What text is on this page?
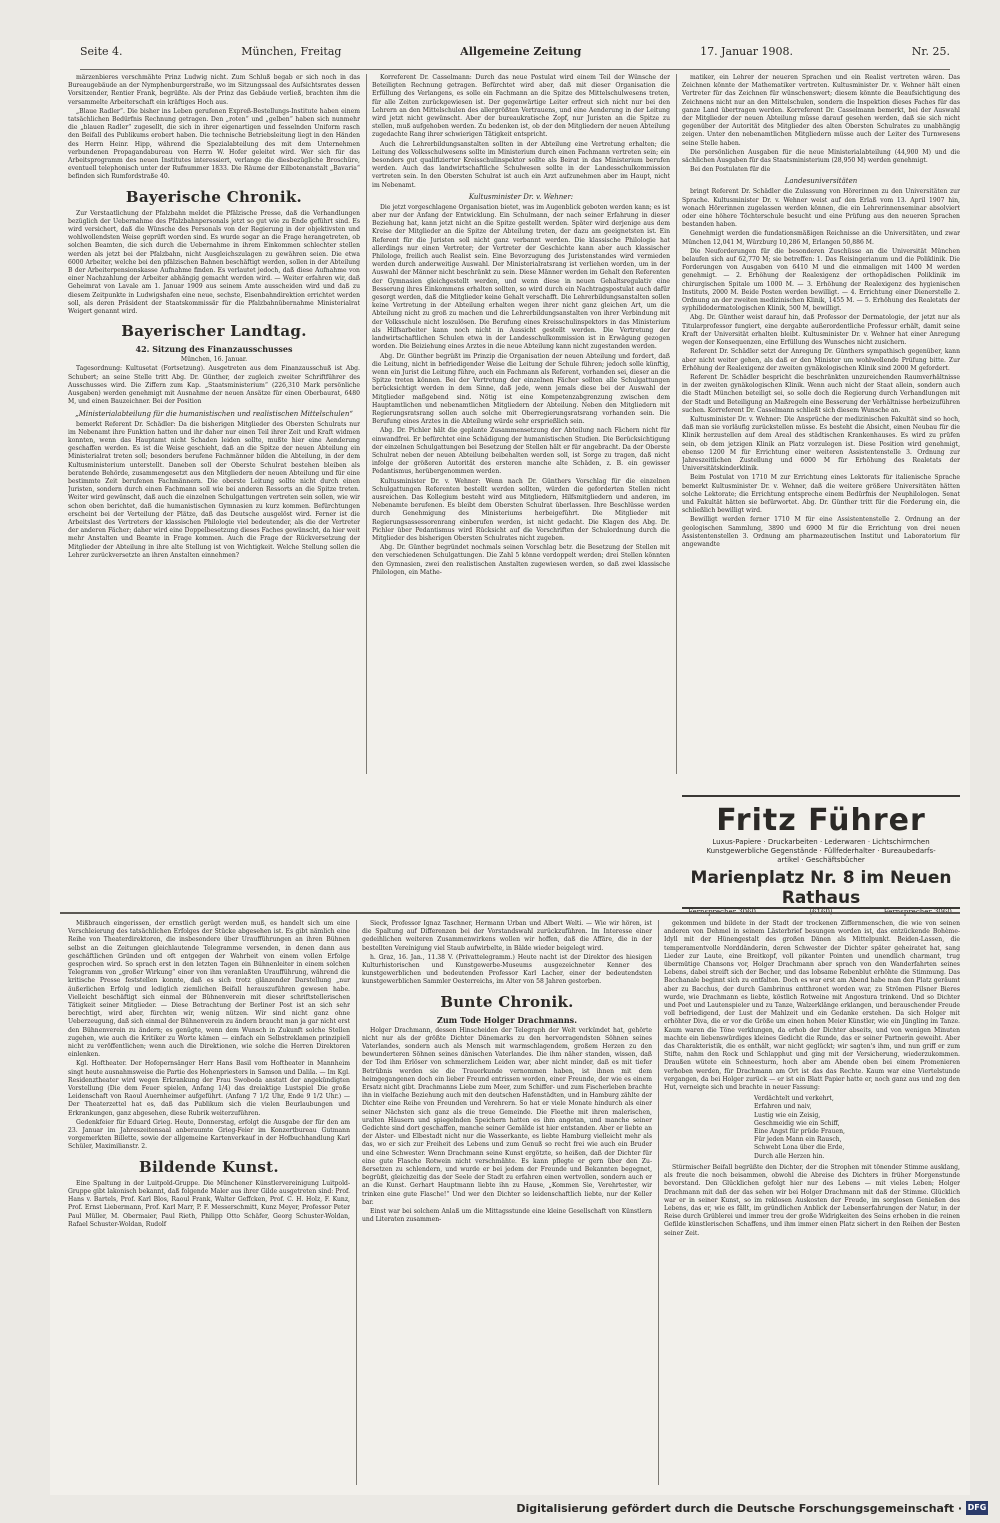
Seite 4.	München, Freitag	Allgemeine Zeitung	17. Januar 1908.	Nr. 25.

märzenbieres verschmähte Prinz Ludwig nicht. Zum Schluß begab er sich noch in das Bureaugebäude an der Nymphenburgerstraße, wo im Sitzungssaal des Aufsichtsrates dessen Vorsitzender, Rentier Frank, begrüßte. Als der Prinz das Gebäude verließ, brachten ihm die versammelte Arbeiterschaft ein kräftiges Hoch aus.

„Blaue Radler“. Die bisher ins Leben gerufenen Expreß-Bestellungs-Institute haben einem tatsächlichen Bedürfnis Rechnung getragen. Den „roten“ und „gelben“ haben sich nunmehr die „blauen Radler“ zugesellt, die sich in ihrer eigenartigen und fesselnden Uniform rasch den Beifall des Publikums erobert haben. Die technische Betriebsleitung liegt in den Händen des Herrn Heinr. Hipp, während die Spezialabteilung des mit dem Unternehmen verbundenen Propagandabureau von Herrn W. Hofer geleitet wird. Wer sich für das Arbeitsprogramm des neuen Institutes interessiert, verlange die diesbezügliche Broschüre, eventuell telephonisch unter der Rufnummer 1833. Die Räume der Eilbotenanstalt „Bavaria“ befinden sich Rumfordstraße 40.

Bayerische Chronik.

Zur Verstaatlichung der Pfalzbahn meldet die Pfälzische Presse, daß die Verhandlungen bezüglich der Uebernahme des Pfalzbahnpersonals jetzt so gut wie zu Ende geführt sind. Es wird versichert, daß die Wünsche des Personals von der Regierung in der objektivsten und wohlwollendsten Weise geprüft worden sind. Es wurde sogar an die Frage herangetreten, ob solchen Beamten, die sich durch die Uebernahme in ihrem Einkommen schlechter stellen werden als jetzt bei der Pfalzbahn, nicht Ausgleichszulagen zu gewähren seien. Die etwa 6000 Arbeiter, welche bei den pfälzischen Bahnen beschäftigt werden, sollen in der Abteilung B der Arbeiterpensionskasse Aufnahme finden. Es verlautet jedoch, daß diese Aufnahme von einer Nachzahlung der Arbeiter abhängig gemacht werden wird. — Weiter erfahren wir, daß Geheimrat von Lavale am 1. Januar 1909 aus seinem Amte ausscheiden wird und daß zu diesem Zeitpunkte in Ludwigshafen eine neue, sechste, Eisenbahndirektion errichtet werden soll, als deren Präsident der Staatskommissär für die Pfalzbahnübernahme Ministerialrat Weigert genannt wird.

Bayerischer Landtag.
42. Sitzung des Finanzausschusses

München, 16. Januar.

Tagesordnung: Kultusetat (Fortsetzung). Ausgetreten aus dem Finanzausschuß ist Abg. Schubert; an seine Stelle tritt Abg. Dr. Günther, der zugleich zweiter Schriftführer des Ausschusses wird. Die Ziffern zum Kap. „Staatsministerium“ (226,310 Mark persönliche Ausgaben) werden genehmigt mit Ausnahme der neuen Ansätze für einen Oberbaurat, 6480 M, und einen Bauzeichner. Bei der Position

„Ministerialabteilung für die humanistischen und realistischen Mittelschulen“

bemerkt Referent Dr. Schädler: Da die bisherigen Mitglieder des Obersten Schulrats nur im Nebenamt ihre Funktion hatten und ihr daher nur einen Teil ihrer Zeit und Kraft widmen konnten, wenn das Hauptamt nicht Schaden leiden sollte, mußte hier eine Aenderung geschaffen werden. Es ist die Weise geschieht, daß an die Spitze der neuen Abteilung ein Ministerialrat treten soll; besonders berufene Fachmänner bilden die Abteilung, in der dem Kultusministerium unterstellt. Daneben soll der Oberste Schulrat bestehen bleiben als beratende Behörde, zusammengesetzt aus den Mitgliedern der neuen Abteilung und für eine bestimmte Zeit berufenen Fachmännern. Die oberste Leitung sollte nicht durch einen Juristen, sondern durch einen Fachmann soll wie bei anderen Ressorts an die Spitze treten. Weiter wird gewünscht, daß auch die einzelnen Schulgattungen vertreten sein sollen, wie wir schon oben berichtet, daß die humanistischen Gymnasien zu kurz kommen. Befürchtungen erscheint bei der Verteilung der Plätze, daß das Deutsche ausgelöst wird. Ferner ist die Arbeitslast des Vertreters der klassischen Philologie viel bedeutender, als die der Vertreter der anderen Fächer; daher wird eine Doppelbesetzung dieses Faches gewünscht, da hier weit mehr Anstalten und Beamte in Frage kommen. Auch die Frage der Rückversetzung der Mitglieder der Abteilung in ihre alte Stellung ist von Wichtigkeit. Welche Stellung sollen die Lehrer zurückversetzte an ihren Anstalten einnehmen?

Korreferent Dr. Casselmann: Durch das neue Postulat wird einem Teil der Wünsche der Beteiligten Rechnung getragen. Befürchtet wird aber, daß mit dieser Organisation die Erfüllung des Verlangens, es solle ein Fachmann an die Spitze des Mittelschulwesens treten, für alle Zeiten zurückgewiesen ist. Der gegenwärtige Leiter erfreut sich nicht nur bei den Lehrern an den Mittelschulen des allergrößten Vertrauens, und eine Aenderung in der Leitung wird jetzt nicht gewünscht. Aber der bureaukratische Zopf, nur Juristen an die Spitze zu stellen, muß aufgehoben werden. Zu bedenken ist, ob der den Mitgliedern der neuen Abteilung zugedachte Rang ihrer schwierigen Tätigkeit entspricht.

Auch die Lehrerbildungsanstalten sollten in der Abteilung eine Vertretung erhalten; die Leitung des Volksschulwesens sollte im Ministerium durch einen Fachmann vertreten sein; ein besonders gut qualifizierter Kreisschulinspektor sollte als Beirat in das Ministerium berufen werden. Auch das landwirtschaftliche Schulwesen sollte in der Landesschulkommission vertreten sein. In den Obersten Schulrat ist auch ein Arzt aufzunehmen aber im Haupt, nicht im Nebenamt.

Kultusminister Dr. v. Wehner:

Die jetzt vorgeschlagene Organisation bietet, was im Augenblick geboten werden kann; es ist aber nur der Anfang der Entwicklung. Ein Schulmann, der nach seiner Erfahrung in dieser Beziehung hat, kann jetzt nicht an die Spitze gestellt werden. Später wird derjenige aus dem Kreise der Mitglieder an die Spitze der Abteilung treten, der dazu am geeignetsten ist. Ein Referent für die Juristen soll nicht ganz verbannt werden. Die klassische Philologie hat allerdings nur einen Vertreter; der Vertreter der Geschichte kann aber auch klassischer Philologe, freilich auch Realist sein. Eine Bevorzugung des Juristenstandes wird vermieden werden durch anderweitige Auswahl. Der Ministerialratsrang ist verliehen worden, um in der Auswahl der Männer nicht beschränkt zu sein. Diese Männer werden im Gehalt den Referenten der Gymnasien gleichgestellt werden, und wenn diese in neuen Gehaltsregulativ eine Besserung ihres Einkommens erhalten sollten, so wird durch ein Nachtragspostulat auch dafür gesorgt werden, daß die Mitglieder keine Gehalt verschafft. Die Lehrerbildungsanstalten sollen keine Vertretung in der Abteilung erhalten wegen ihrer nicht ganz gleichen Art, um die Abteilung nicht zu groß zu machen und die Lehrerbildungsanstalten von ihrer Verbindung mit der Volksschule nicht loszulösen. Die Berufung eines Kreisschulinspektors in das Ministerium als Hilfsarbeiter kann noch nicht in Aussicht gestellt werden. Die Vertretung der landwirtschaftlichen Schulen etwa in der Landesschulkommission ist in Erwägung gezogen worden. Die Beiziehung eines Arztes in die neue Abteilung kann nicht zugestanden werden.

Abg. Dr. Günther begrüßt im Prinzip die Organisation der neuen Abteilung und fordert, daß die Leitung, nicht in befriedigender Weise die Leitung der Schule führen; jedoch solle künftig, wenn ein Jurist die Leitung führe, auch ein Fachmann als Referent, vorhanden sei, dieser an die Spitze treten können. Bei der Vertretung der einzelnen Fächer sollten alle Schulgattungen berücksichtigt werden in dem Sinne, daß jede, wenn jemals diese bei der Auswahl der Mitglieder maßgebend sind. Nötig ist eine Kompetenzabgrenzung zwischen dem Hauptamtlichen und nebenamtlichen Mitgliedern der Abteilung. Neben den Mitgliedern mit Regierungsratsrang sollen auch solche mit Oberregierungsratsrang vorhanden sein. Die Berufung eines Arztes in die Abteilung würde sehr ersprießlich sein.

Abg. Dr. Pichler hält die geplante Zusammensetzung der Abteilung nach Fächern nicht für einwandfrei. Er befürchtet eine Schädigung der humanistischen Studien. Die Berücksichtigung der einzelnen Schulgattungen bei Besetzung der Stellen hält er für angebracht. Da der Oberste Schulrat neben der neuen Abteilung beibehalten werden soll, ist Sorge zu tragen, daß nicht infolge der größeren Autorität des ersteren manche alte Schäden, z. B. ein gewisser Pedantismus, herübergenommen werden.

Kultusminister Dr. v. Wehner: Wenn nach Dr. Günthers Vorschlag für die einzelnen Schulgattungen Referenten bestellt werden sollten, würden die geforderten Stellen nicht ausreichen. Das Kollegium besteht wird aus Mitgliedern, Hilfsmitgliedern und anderen, im Nebenamte berufenen. Es bleibt dem Obersten Schulrat überlassen. Ihre Beschlüsse werden durch Genehmigung des Ministeriums herbeigeführt. Die Mitglieder mit Regierungsassessorenrang einberufen werden, ist nicht gedacht. Die Klagen des Abg. Dr. Pichler über Pedantismus wird Rücksicht auf die Vorschriften der Schulordnung durch die Mitglieder des bisherigen Obersten Schulrates nicht zugeben.

Abg. Dr. Günther begründet nochmals seinen Vorschlag betr. die Besetzung der Stellen mit den verschiedenen Schulgattungen. Die Zahl 5 könne verdoppelt werden; drei Stellen könnten den Gymnasien, zwei den realistischen Anstalten zugewiesen werden, so daß zwei klassische Philologen, ein Mathe-

matiker, ein Lehrer der neueren Sprachen und ein Realist vertreten wären. Das Zeichnen könnte der Mathematiker vertreten. Kultusminister Dr. v. Wehner hält einen Vertreter für das Zeichnen für wünschenswert; diesem könnte die Beaufsichtigung des Zeichnens nicht nur an den Mittelschulen, sondern die Inspektion dieses Faches für das ganze Land übertragen werden. Korreferent Dr. Casselmann bemerkt, bei der Auswahl der Mitglieder der neuen Abteilung müsse darauf gesehen werden, daß sie sich nicht gegenüber der Autorität des Mitglieder des alten Obersten Schulrates zu unabhängig zeigen. Unter den nebenamtlichen Mitgliedern müsse auch der Leiter des Turnwesens seine Stelle haben.

Die persönlichen Ausgaben für die neue Ministerialabteilung (44,900 M) und die sächlichen Ausgaben für das Staatsministerium (28,950 M) werden genehmigt.

Bei den Postulaten für die

Landesuniversitäten

bringt Referent Dr. Schädler die Zulassung von Hörerinnen zu den Universitäten zur Sprache. Kultusminister Dr. v. Wehner weist auf den Erlaß vom 13. April 1907 hin, wonach Hörerinnen zugelassen werden können, die ein Lehrerinnenseminar absolviert oder eine höhere Töchterschule besucht und eine Prüfung aus den neueren Sprachen bestanden haben.

Genehmigt werden die fundationsmäßigen Reichnisse an die Universitäten, und zwar München 12,041 M, Würzburg 10,286 M, Erlangen 50,886 M.

Die Neuforderungen für die besonderen Zuschüsse an die Universität München belaufen sich auf 62,770 M; sie betreffen: 1. Das Reisingerianum und die Poliklinik. Die Forderungen von Ausgaben von 6410 M und die einmaligen mit 1400 M werden genehmigt. — 2. Erhöhung der Realexigenz der orthopädischen Poliklinik im chirurgischen Spitale um 1000 M. — 3. Erhöhung der Realexigenz des hygienischen Instituts, 2000 M. Beide Posten werden bewilligt. — 4. Errichtung einer Dienerstelle 2. Ordnung an der zweiten medizinischen Klinik, 1455 M. — 5. Erhöhung des Realetats der syphilidodermatologischen Klinik, 500 M, bewilligt.

Abg. Dr. Günther weist darauf hin, daß Professor der Dermatologie, der jetzt nur als Titularprofessor fungiert, eine dergabte außerordentliche Professur erhält, damit seine Kraft der Universität erhalten bleibt. Kultusminister Dr. v. Wehner hat einer Anregung wegen der Konsequenzen, eine Erfüllung des Wunsches nicht zusichern.

Referent Dr. Schädler setzt der Anregung Dr. Günthers sympathisch gegenüber, kann aber nicht weiter gehen, als daß er den Minister um wohlwollende Prüfung bitte. Zur Erhöhung der Realexigenz der zweiten gynäkologischen Klinik sind 2000 M gefordert.

Referent Dr. Schädler bespricht die beschränkten unzureichenden Raumverhältnisse in der zweiten gynäkologischen Klinik. Wenn auch nicht der Staat allein, sondern auch die Stadt München beteiligt sei, so solle doch die Regierung durch Verhandlungen mit der Stadt und Beteiligung an Maßregeln eine Besserung der Verhältnisse herbeizuführen suchen. Korreferent Dr. Casselmann schließt sich diesem Wunsche an.

Kultusminister Dr. v. Wehner: Die Ansprüche der medizinischen Fakultät sind so hoch, daß man sie vorläufig zurückstellen müsse. Es besteht die Absicht, einen Neubau für die Klinik herzustellen auf dem Areal des städtischen Krankenhauses. Es wird zu prüfen sein, ob dem jetzigen Klinik an Platz vorzulegen ist. Diese Position wird genehmigt, ebenso 1200 M für Errichtung einer weiteren Assistentenstelle 3. Ordnung zur Jahreszeitlichen Zustellung und 6000 M für Erhöhung des Realetats der Universitätskinderklinik.

Beim Postulat von 1710 M zur Errichtung eines Lektorats für italienische Sprache bemerkt Kultusminister Dr. v. Wehner, daß die weitere größere Universitäten hätten solche Lektorate; die Errichtung entspreche einem Bedürfnis der Neuphilologen. Senat und Fakultät hätten sie befürwortet. Abg. Dr. Günther tritt für die Forderung ein, die schließlich bewilligt wird.

Bewilligt werden ferner 1710 M für eine Assistentenstelle 2. Ordnung an der geologischen Sammlung, 3890 und 6900 M für die Errichtung von drei neuen Assistentenstellen 3. Ordnung am pharmazeutischen Institut und Laboratorium für angewandte

Fritz Führer
Luxus-Papiere · Druckarbeiten · Lederwaren · Lichtschirmchen
Kunstgewerbliche Gegenstände · Füllfederhalter · Bureaubedarfs-
artikel · Geschäftsbücher
Marienplatz Nr. 8 im Neuen Rathaus

Mißbrauch eingerissen, der ernstlich gerügt werden muß, es handelt sich um eine Verschleierung des tatsächlichen Erfolges der Stücke abgesehen ist. Es gibt nämlich eine Reihe von Theaterdirektoren, die insbesondere über Uraufführungen an ihren Bühnen selbst an die Zeitungen gleichlautende Telegramme versenden, in denen dann aus geschäftlichen Gründen und oft entgegen der Wahrheit von einem vollen Erfolge gesprochen wird. So sprach erst in den letzten Tagen ein Bühnenleiter in einem solchen Telegramm von „großer Wirkung“ einer von ihm veranlaßten Uraufführung, während die kritische Presse feststellen konnte, daß es sich trotz glänzender Darstellung „nur äußerlichen Erfolg und lediglich ziemlichen Beifall herauszuführen gewesen habe. Vielleicht beschäftigt sich einmal der Bühnenverein mit dieser schriftstellerischen Tätigkeit seiner Mitglieder. — Diese Betrachtung der Berliner Post ist an sich sehr berechtigt, wird aber, fürchten wir, wenig nützen. Wir sind nicht ganz ohne Ueberzeugung, daß sich einmal der Bühnenverein zu ändern braucht man ja gar nicht erst den Bühnenverein zu ändern; es genügte, wenn dem Wunsch in Zukunft solche Stellen zugehen, wie auch die Kritiker zu Worte kämen — einfach ein Selbstreklamen prinzipiell nicht zu veröffentlichen; wenn auch die Direktionen, wie solche die Herren Direktoren einlenken.

Kgl. Hoftheater. Der Hofopernsänger Herr Hans Basil vom Hoftheater in Mannheim singt heute ausnahmsweise die Partie des Hohenpriesters in Samson und Dalila. — Im Kgl. Residenztheater wird wegen Erkrankung der Frau Swoboda anstatt der angekündigten Vorstellung (Die dem Feuer spielen, Anfang 1/4) das dreiaktige Lustspiel Die große Leidenschaft von Raoul Auernheimer aufgeführt. (Anfang 7 1/2 Uhr, Ende 9 1/2 Uhr.) — Der Theaterzettel hat es, daß das Publikum sich die vielen Beurlaubungen und Erkrankungen, ganz abgesehen, diese Rubrik weiterzuführen.

Gedenkfeier für Eduard Grieg. Heute, Donnerstag, erfolgt die Ausgabe der für den am 23. Januar im Jahreszeitensaal anberaumte Grieg-Feier im Konzertbureau Gutmann vorgemerkten Billette, sowie der allgemeine Kartenverkauf in der Hofbuchhandlung Karl Schüler, Maximilianstr. 2.

Bildende Kunst.

Eine Spaltung in der Luitpold-Gruppe. Die Münchener Künstlervereinigung Luitpold-Gruppe gibt lakonisch bekannt, daß folgende Maler aus ihrer Gilde ausgetreten sind: Prof. Hans v. Bartels, Prof. Karl Blos, Raoul Frank, Walter Geffcken, Prof. C. H. Holz, F. Kunz, Prof. Ernst Liebermann, Prof. Karl Marr, P. F. Messerschmitt, Kunz Meyer, Professor Peter Paul Müller, M. Obermaier, Paul Rieth, Philipp Otto Schäfer, Georg Schuster-Woldan, Rafael Schuster-Woldan, Rudolf

Sieck, Professor Ignaz Taschner, Hermann Urban und Albert Welti. — Wie wir hören, ist die Spaltung auf Differenzen bei der Vorstandswahl zurückzuführen. Im Interesse einer gedeihlichen weiteren Zusammenwirkens wollen wir hoffen, daß die Affäre, die in der bestellten Vereinigung viel Staub aufwirbelte, in Bälde wieder beigelegt wird.

h. Graz, 16. Jan., 11.38 V. (Privattelegramm.) Heute nacht ist der Direktor des hiesigen Kulturhistorischen und Kunstgewerbe-Museums ausgezeichneter Kenner des kunstgewerblichen und bedeutenden Professor Karl Lacher, einer der bedeutendsten kunstgewerblichen Sammler Oesterreichs, im Alter von 58 Jahren gestorben.

Bunte Chronik.
Zum Tode Holger Drachmanns.

Holger Drachmann, dessen Hinscheiden der Telegraph der Welt verkündet hat, gehörte nicht nur als der größte Dichter Dänemarks zu den hervorragendsten Söhnen seines Vaterlandes, sondern auch als Mensch mit warmschlagendem, großem Herzen zu den bewunderteren Söhnen seines dänischen Vaterlandes. Die ihm näher standen, wissen, daß der Tod ihm Erlöser von schmerzlichem Leiden war, aber nicht minder, daß es mit tiefer Betrübnis werden sie die Trauerkunde vernommen haben, ist ihnen mit dem heimgegangenen doch ein lieber Freund entrissen worden, einer Freunde, der wie es einem Ersatz nicht gibt. Drachmanns Liebe zum Meer, zum Schiffer- und zum Fischerleben brachte ihn in vielfache Beziehung auch mit den deutschen Hafenstädten, und in Hamburg zählte der Dichter eine Reihe von Freunden und Verehrern. So hat er viele Monate hindurch als einer seiner Nächsten sich ganz als die treue Gemeinde. Die Fleethe mit ihren malerischen, uralten Häusern und spiegelnden Speichern hatten es ihm angetan, und manche seiner Gedichte sind dort geschaffen, manche seiner Gemälde ist hier entstanden. Aber er liebte an der Alster- und Elbestadt nicht nur die Wasserkante, es liebte Hamburg vielleicht mehr als das, wo er sich zur Freiheit des Lebens und zum Genuß so recht frei wie auch ein Bruder und eine Schwester. Wenn Drachmann seine Kunst ergötzte, so heißen, daß der Dichter für eine gute Flasche Rotwein nicht verschmähte. Es kann pflegte er gern über den Zu-ßersetzen zu schlendern, und wurde er bei jedem der Freunde und Bekannten begegnet, begrüßt, gleichzeitig das der Seele der Stadt zu erfahren einen wertvollen, sondern auch er an die Kunst. Gerhart Hauptmann liebte ihn zu Hause, „Kommen Sie, Verehrtester, wir trinken eine gute Flasche!“ Und wer den Dichter so leidenschaftlich liebte, nur der Keller bar.

Einst war bei solchem Anlaß um die Mittagsstunde eine kleine Gesellschaft von Künstlern und Literaten zusammen-

gekommen und bildete in der Stadt der trockenen Ziffernmenschen, die wie von seinen anderen von Dehmel in seinem Lästerbrief besungen worden ist, das entzückende Bohème-Idyll mit der Hünengestalt des großen Dänen als Mittelpunkt. Beiden-Lassen, die temperamentvolle Norddänderin, deren Schwester der Dichter später geheiratet hat, sang Lieder zur Laute, eine Breitkopf, voll pikanter Pointen und unendlich charmant, trug übermütige Chansons vor, Holger Drachmann aber sprach von den Wanderfahrten seines Lebens, dabei streift sich der Becher, und das lobsame Rebenblut erhöhte die Stimmung. Das Bacchanale beginnt sich zu entfalten. Doch es war erst am Abend habe man den Platz geräumt aber zu Bacchus, der durch Gambrinus entthronet worden war, zu Strömen Pilsner Bieres wurde, wie Drachmann es liebte, köstlich Rotweine mit Angostura trinkend. Und so Dichter und Poet und Lautenspieler und zu Tanze, Walzerklänge erklangen, und berauschender Freude voll befriedigend, der Lust der Mahlzeit und ein Gedanke erstehen. Da sich Holger mit erhöhter Diva, die er vor die Größe um einen hohen Meier Künstler, wie ein Jüngling im Tanze. Kaum waren die Töne verklungen, da erhob der Dichter abseits, und von wenigen Minuten machte ein liebenswürdiges kleines Gedicht die Runde, das er seiner Partnerin geweiht. Aber das Charakteristik, die es enthält, war nicht geglückt; wir sagten's ihm, und nun griff er zum Stifte, nahm den Rock und Schlapphut und ging mit der Versicherung, wiederzukommen. Draußen wütete ein Schneesturm, hoch aber am Abende oben bei einem Promenieren verhoben werden, für Drachmann am Ort ist das das Rechte. Kaum war eine Viertelstunde vergangen, da bei Holger zurück — er ist ein Blatt Papier hatte er, noch ganz aus und zog den Hut, verneigte sich und brachte in neuer Fassung:

Verdächtelt und verkehrt,
Erfahren und naiv,
Lustig wie ein Zeisig,
Geschmeidig wie ein Schiff,
Eine Angst für prüde Frauen,
Für jeden Mann ein Rausch,
Schwebt Lona über die Erde,
Durch alle Herzen hin.

Stürmischer Beifall begrüßte den Dichter, der die Strophen mit tönender Stimme ausklang, als freute die noch beisammen, obwohl die Abreise des Dichters in früher Morgenstunde bevorstand. Den Glücklichen gefolgt hier nur des Lebens — mit vieles Leben; Holger Drachmann mit daß der das sehen wir bei Holger Drachmann mit daß der Stimme. Glücklich war er in seiner Kunst, so im reklosen Auskosten der Freude, im sorglosen Genießen des Lebens, das er, wie es fällt, im gründlichen Anblick der Lebenserfahrungen der Natur, in der Reise durch Grüblerei und immer treu der große Widrigkeiten des Seins erhoben in die reinen Gefilde künstlerischen Schaffens, und ihm immer einen Platz sichert in den Reihen der Besten seiner Zeit.

Digitalisierung gefördert durch die Deutsche Forschungsgemeinschaft · DFG
